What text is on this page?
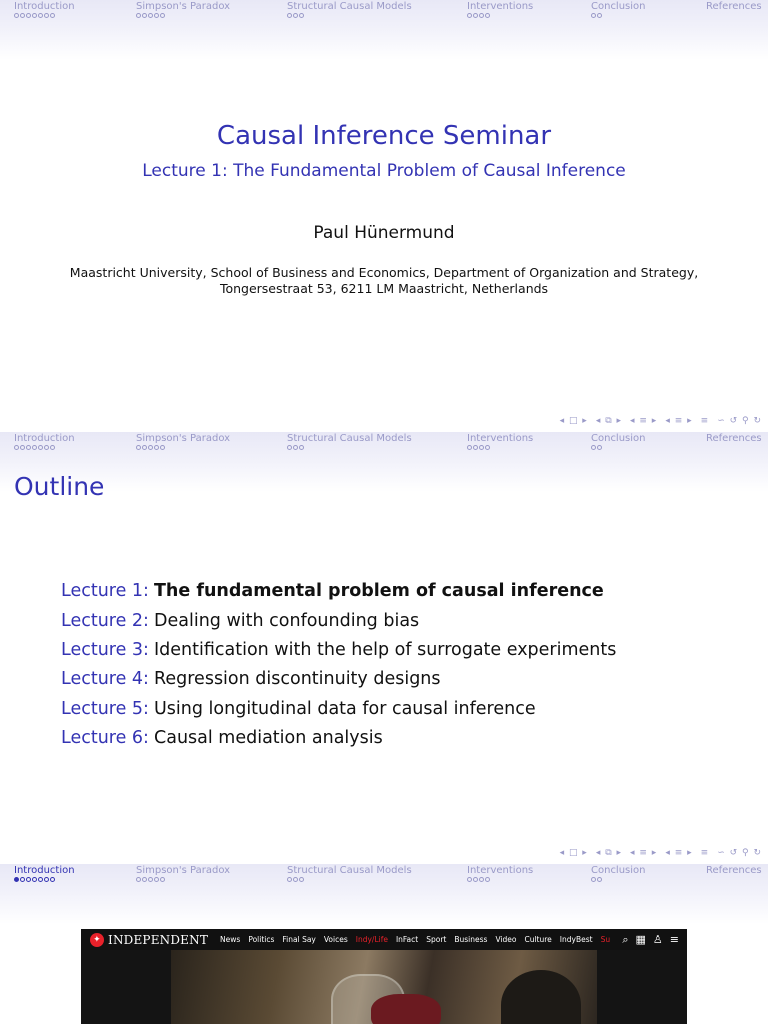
Introduction	Simpson's Paradox	Structural Causal Models	Interventions	Conclusion	References
Causal Inference Seminar
Lecture 1: The Fundamental Problem of Causal Inference
Paul Hünermund
Maastricht University, School of Business and Economics, Department of Organization and Strategy,
Tongersestraat 53, 6211 LM Maastricht, Netherlands
◂ □ ▸ ◂ ⧉ ▸ ◂ ≡ ▸ ◂ ≡ ▸ ≡ ∽ ↺ ⚲ ↻
Introduction	Simpson's Paradox	Structural Causal Models	Interventions	Conclusion	References
Outline
Lecture 1: The fundamental problem of causal inference
Lecture 2: Dealing with confounding bias
Lecture 3: Identification with the help of surrogate experiments
Lecture 4: Regression discontinuity designs
Lecture 5: Using longitudinal data for causal inference
Lecture 6: Causal mediation analysis
◂ □ ▸ ◂ ⧉ ▸ ◂ ≡ ▸ ◂ ≡ ▸ ≡ ∽ ↺ ⚲ ↻
Introduction	Simpson's Paradox	Structural Causal Models	Interventions	Conclusion	References
✦ INDEPENDENT News Politics Final Say Voices Indy/Life InFact Sport Business Video Culture IndyBest Su ⌕ ▦ ♙ ≡
